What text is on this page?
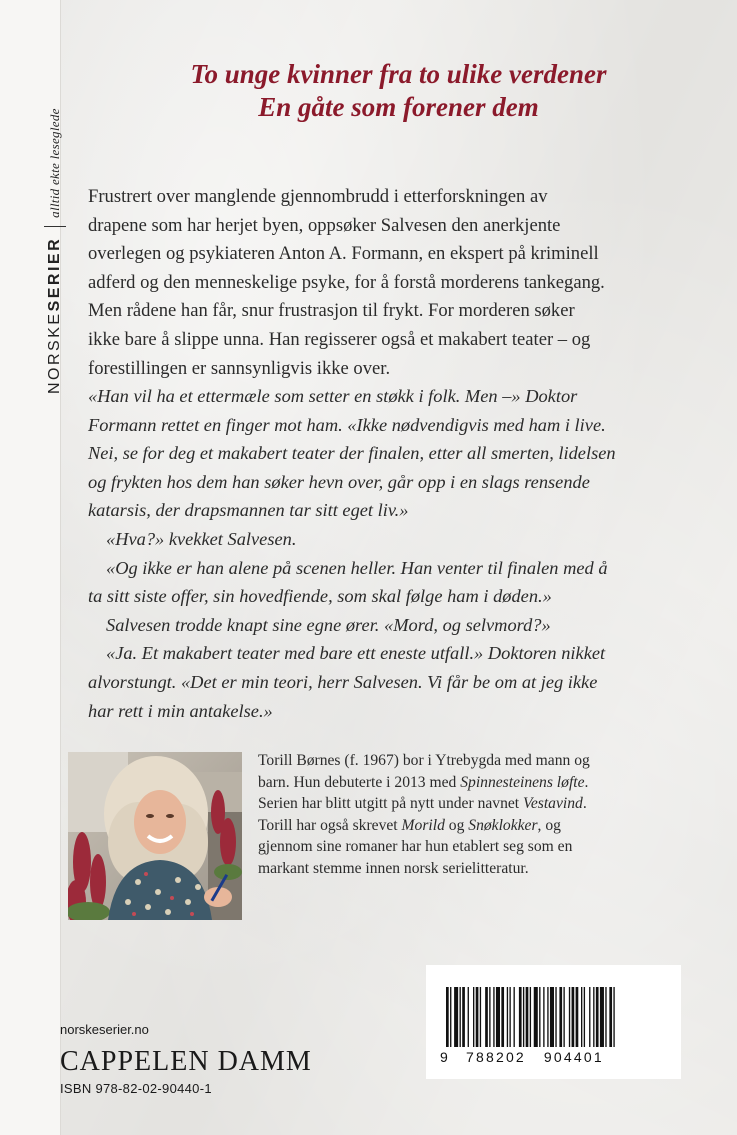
NORSKE
SERIER
alltid ekte leseglede
To unge kvinner fra to ulike verdener
En gåte som forener dem

Frustrert over manglende gjennombrudd i etterforskningen av

drapene som har herjet byen, oppsøker Salvesen den anerkjente

overlegen og psykiateren Anton A. Formann, en ekspert på kriminell

adferd og den menneskelige psyke, for å forstå morderens tankegang.

Men rådene han får, snur frustrasjon til frykt. For morderen søker

ikke bare å slippe unna. Han regisserer også et makabert teater – og

forestillingen er sannsynligvis ikke over.

«Han vil ha et ettermæle som setter en støkk i folk. Men –» Doktor

Formann rettet en finger mot ham. «Ikke nødvendigvis med ham i live.

Nei, se for deg et makabert teater der finalen, etter all smerten, lidelsen

og frykten hos dem han søker hevn over, går opp i en slags rensende

katarsis, der drapsmannen tar sitt eget liv.»

«Hva?» kvekket Salvesen.

«Og ikke er han alene på scenen heller. Han venter til finalen med å

ta sitt siste offer, sin hovedfiende, som skal følge ham i døden.»

Salvesen trodde knapt sine egne ører. «Mord, og selvmord?»

«Ja. Et makabert teater med bare ett eneste utfall.» Doktoren nikket

alvorstungt. «Det er min teori, herr Salvesen. Vi får be om at jeg ikke

har rett i min antakelse.»

Torill Børnes (f. 1967) bor i Ytrebygda med mann og

barn. Hun debuterte i 2013 med Spinnesteinens løfte.

Serien har blitt utgitt på nytt under navnet Vestavind.

Torill har også skrevet Morild og Snøklokker, og

gjennom sine romaner har hun etablert seg som en

markant stemme innen norsk serielitteratur.

9 788202 904401
norskeserier.no
CAPPELEN DAMM
ISBN 978-82-02-90440-1
